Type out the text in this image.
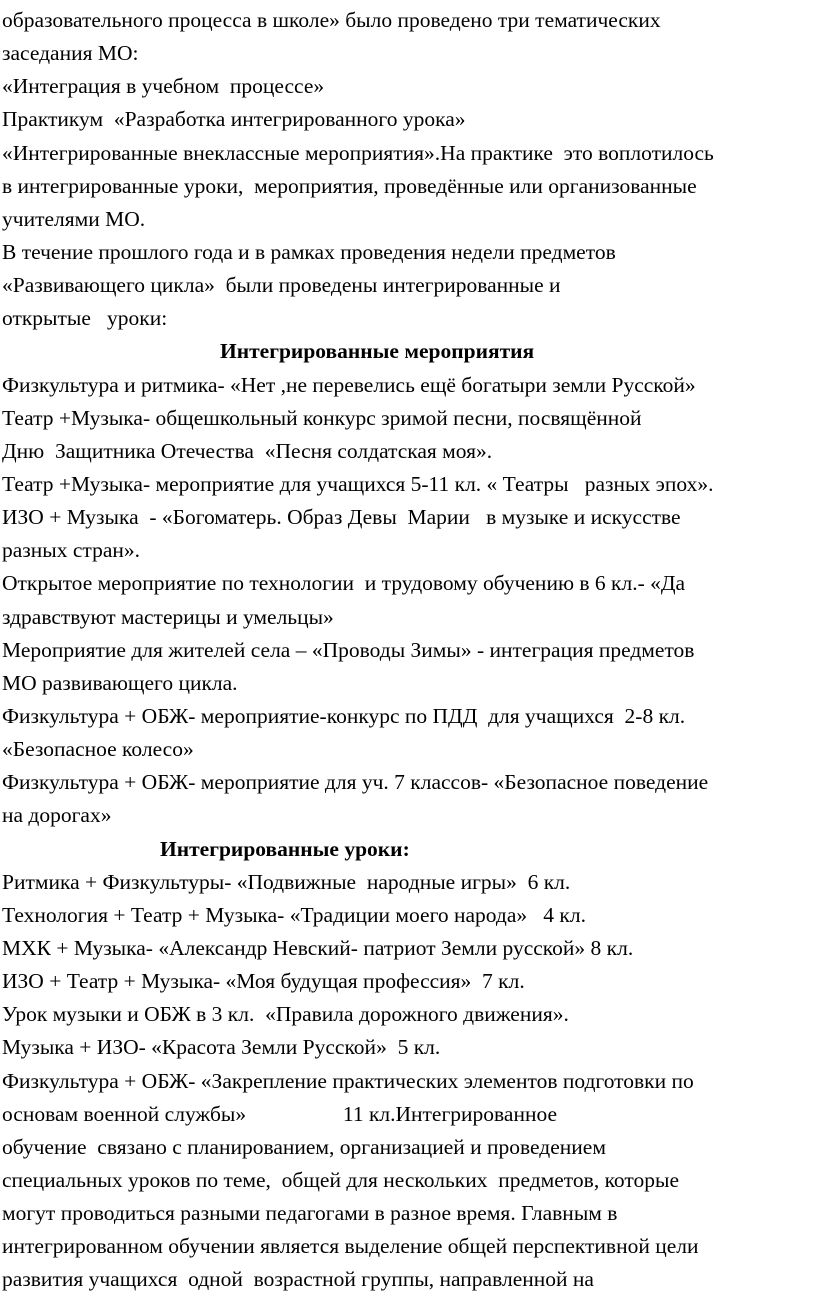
образовательного процесса в школе» было проведено три тематических
заседания МО:
«Интеграция в учебном  процессе»
Практикум  «Разработка интегрированного урока»
«Интегрированные внеклассные мероприятия».На практике  это воплотилось
в интегрированные уроки,  мероприятия, проведённые или организованные
учителями МО.
В течение прошлого года и в рамках проведения недели предметов
«Развивающего цикла»  были проведены интегрированные и
открытые   уроки:
Интегрированные мероприятия
Физкультура и ритмика- «Нет ,не перевелись ещё богатыри земли Русской»
Театр +Музыка- общешкольный конкурс зримой песни, посвящённой
Дню  Защитника Отечества  «Песня солдатская моя».
Театр +Музыка- мероприятие для учащихся 5-11 кл. « Театры   разных эпох».
ИЗО + Музыка  - «Богоматерь. Образ Девы  Марии   в музыке и искусстве
разных стран».
Открытое мероприятие по технологии  и трудовому обучению в 6 кл.- «Да
здравствуют мастерицы и умельцы»
Мероприятие для жителей села – «Проводы Зимы» - интеграция предметов
МО развивающего цикла.
Физкультура + ОБЖ- мероприятие-конкурс по ПДД  для учащихся  2-8 кл.
«Безопасное колесо»
Физкультура + ОБЖ- мероприятие для уч. 7 классов- «Безопасное поведение
на дорогах»
Интегрированные уроки:
Ритмика + Физкультуры- «Подвижные  народные игры»  6 кл.
Технология + Театр + Музыка- «Традиции моего народа»   4 кл.
МХК + Музыка- «Александр Невский- патриот Земли русской» 8 кл.
ИЗО + Театр + Музыка- «Моя будущая профессия»  7 кл.
Урок музыки и ОБЖ в 3 кл.  «Правила дорожного движения».
Музыка + ИЗО- «Красота Земли Русской»  5 кл.
Физкультура + ОБЖ- «Закрепление практических элементов подготовки по
основам военной службы»                  11 кл.Интегрированное
обучение  связано с планированием, организацией и проведением
специальных уроков по теме,  общей для нескольких  предметов, которые
могут проводиться разными педагогами в разное время. Главным в
интегрированном обучении является выделение общей перспективной цели
развития учащихся  одной  возрастной группы, направленной на
